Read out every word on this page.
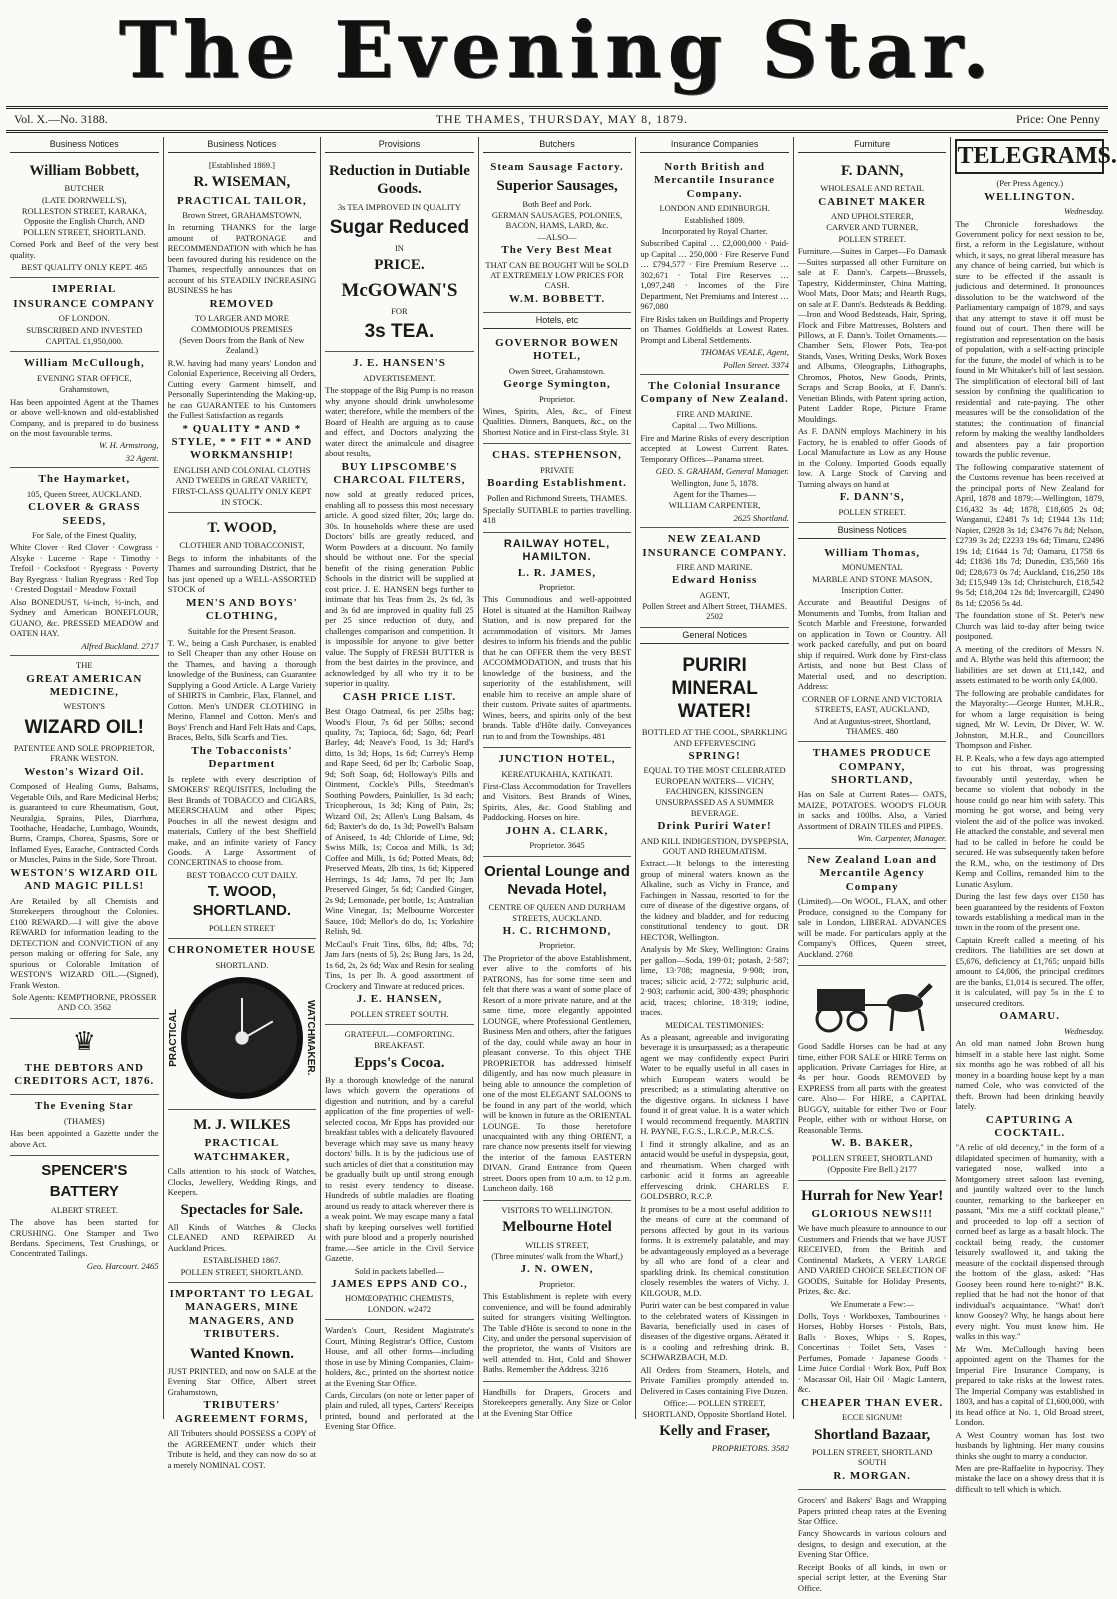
The Evening Star.
Vol. X.—No. 3188.	THE THAMES, THURSDAY, MAY 8, 1879.	Price: One Penny
Business Notices
William Bobbett,
BUTCHER
(LATE DORNWELL'S),
ROLLESTON STREET, KARAKA, Opposite the English Church, AND POLLEN STREET, SHORTLAND.

Corned Pork and Beef of the very best quality.

BEST QUALITY ONLY KEPT. 465
IMPERIAL
INSURANCE COMPANY
OF LONDON.
SUBSCRIBED AND INVESTED
CAPITAL £1,950,000.
William McCullough,
EVENING STAR OFFICE,
Grahamstown,

Has been appointed Agent at the Thames or above well-known and old-established Company, and is prepared to do business on the most favourable terms.

W. H. Armstrong,
32 Agent.
The Haymarket,
105, Queen Street, AUCKLAND.
CLOVER & GRASS SEEDS,
For Sale, of the Finest Quality,

White Clover · Red Clover · Cowgrass · Alsyke · Lucerne · Rape · Timothy · Trefoil · Cocksfoot · Ryegrass · Poverty Bay Ryegrass · Italian Ryegrass · Red Top · Crested Dogstail · Meadow Foxtail

Also BONEDUST, ¼-inch, ½-inch, and Sydney and American BONEFLOUR, GUANO, &c. PRESSED MEADOW and OATEN HAY.

Alfred Buckland. 2717
THE
GREAT AMERICAN MEDICINE,
WESTON'S
WIZARD OIL!
PATENTEE AND SOLE PROPRIETOR, FRANK WESTON.
Weston's Wizard Oil.

Composed of Healing Gums, Balsams, Vegetable Oils, and Rare Medicinal Herbs; is guaranteed to cure Rheumatism, Gout, Neuralgia, Sprains, Piles, Diarrhœa, Toothache, Headache, Lumbago, Wounds, Burns, Cramps, Chorea, Spasms, Sore or Inflamed Eyes, Earache, Contracted Cords or Muscles, Pains in the Side, Sore Throat.

WESTON'S WIZARD OIL AND MAGIC PILLS!

Are Retailed by all Chemists and Storekeepers throughout the Colonies. £100 REWARD.—I will give the above REWARD for information leading to the DETECTION and CONVICTION of any person making or offering for Sale, any spurious or Colorable Imitation of WESTON'S WIZARD OIL.—(Signed), Frank Weston.

Sole Agents: KEMPTHORNE, PROSSER AND CO. 3562
♛
THE DEBTORS AND CREDITORS ACT, 1876.
The Evening Star
(THAMES)

Has been appointed a Gazette under the above Act.

SPENCER'S
BATTERY
ALBERT STREET.

The above has been started for CRUSHING. One Stamper and Two Berdans. Specimens, Test Crushings, or Concentrated Tailings.

Geo. Harcourt. 2465
Business Notices
[Established 1869.]
R. WISEMAN,
PRACTICAL TAILOR,
Brown Street, GRAHAMSTOWN,

In returning THANKS for the large amount of PATRONAGE and RECOMMENDATION with which he has been favoured during his residence on the Thames, respectfully announces that on account of his STEADILY INCREASING BUSINESS he has

REMOVED
TO LARGER AND MORE COMMODIOUS PREMISES
(Seven Doors from the Bank of New Zealand.)

R.W. having had many years' London and Colonial Experience, Receiving all Orders, Cutting every Garment himself, and Personally Superintending the Making-up, he can GUARANTEE to his Customers the Fullest Satisfaction as regards

* QUALITY * AND * STYLE, * * FIT * * AND WORKMANSHIP!
ENGLISH AND COLONIAL CLOTHS AND TWEEDS in GREAT VARIETY,
FIRST-CLASS QUALITY ONLY KEPT IN STOCK.
T. WOOD,
CLOTHIER AND TOBACCONIST,

Begs to inform the inhabitants of the Thames and surrounding District, that he has just opened up a WELL-ASSORTED STOCK of

MEN'S AND BOYS' CLOTHING,
Suitable for the Present Season.

T. W., being a Cash Purchaser, is enabled to Sell Cheaper than any other House on the Thames, and having a thorough knowledge of the Business, can Guarantee Supplying a Good Article. A Large Variety of SHIRTS in Cambric, Flax, Flannel, and Cotton. Men's UNDER CLOTHING in Merino, Flannel and Cotton. Men's and Boys' French and Hard Felt Hats and Caps, Braces, Belts, Silk Scarfs and Ties.

The Tobacconists' Department

Is replete with every description of SMOKERS' REQUISITES, Including the Best Brands of TOBACCO and CIGARS, MEERSCHAUM and other Pipes; Pouches in all the newest designs and materials, Cutlery of the best Sheffield make, and an infinite variety of Fancy Goods. A Large Assortment of CONCERTINAS to choose from.

BEST TOBACCO CUT DAILY.
T. WOOD, SHORTLAND.
POLLEN STREET
CHRONOMETER HOUSE
SHORTLAND.
PRACTICAL	WATCHMAKER.
M. J. WILKES
PRACTICAL WATCHMAKER,

Calls attention to his stock of Watches, Clocks, Jewellery, Wedding Rings, and Keepers.

Spectacles for Sale.

All Kinds of Watches & Clocks CLEANED AND REPAIRED At Auckland Prices.

ESTABLISHED 1867.
POLLEN STREET, SHORTLAND.
IMPORTANT TO LEGAL MANAGERS, MINE MANAGERS, AND TRIBUTERS.
Wanted Known.

JUST PRINTED, and now on SALE at the Evening Star Office, Albert street Grahamstown,

TRIBUTERS' AGREEMENT FORMS,

All Tributers should POSSESS a COPY of the AGREEMENT under which their Tribute is held, and they can now do so at a merely NOMINAL COST.

Provisions
Reduction in Dutiable Goods.
3s TEA IMPROVED IN QUALITY
Sugar Reduced
IN
PRICE.
McGOWAN'S
FOR
3s TEA.
J. E. HANSEN'S
ADVERTISEMENT.

The stoppage of the Big Pump is no reason why anyone should drink unwholesome water; therefore, while the members of the Board of Health are arguing as to cause and effect, and Doctors analyzing the water direct the animalcule and disagree about results,

BUY LIPSCOMBE'S CHARCOAL FILTERS,

now sold at greatly reduced prices, enabling all to possess this most necessary article. A good sized filter, 20s; large do. 30s. In households where these are used Doctors' bills are greatly reduced, and Worm Powders at a discount. No family should be without one. For the special benefit of the rising generation Public Schools in the district will be supplied at cost price. J. E. HANSEN begs further to intimate that his Teas from 2s, 2s 6d, 3s and 3s 6d are improved in quality full 25 per 25 since reduction of duty, and challenges comparison and competition. It is impossible for anyone to give better value. The Supply of FRESH BUTTER is from the best dairies in the province, and acknowledged by all who try it to be superior in quality.

CASH PRICE LIST.

Best Otago Oatmeal, 6s per 25lbs bag; Wood's Flour, 7s 6d per 50lbs; second quality, 7s; Tapioca, 6d; Sago, 6d; Pearl Barley, 4d; Neave's Food, 1s 3d; Hard's ditto, 1s 3d; Hops, 1s 6d; Currey's Hemp and Rape Seed, 6d per lb; Carbolic Soap, 9d; Soft Soap, 6d; Holloway's Pills and Ointment, Cockle's Pills, Steedman's Soothing Powders, Painkiller, 1s 3d each; Tricopherous, 1s 3d; King of Pain, 2s; Wizard Oil, 2s; Allen's Lung Balsam, 4s 6d; Baxter's do do, 1s 3d; Powell's Balsam of Aniseed, 1s 4d; Chloride of Lime, 9d; Swiss Milk, 1s; Cocoa and Milk, 1s 3d; Coffee and Milk, 1s 6d; Potted Meats, 8d; Preserved Meats, 2lb tins, 1s 6d; Kippered Herrings, 1s 4d; Jams, 7d per lb; Jam Preserved Ginger, 5s 6d; Candied Ginger, 2s 9d; Lemonade, per bottle, 1s; Australian Wine Vinegar, 1s; Melbourne Worcester Sauce, 10d; Mellor's do do, 1s; Yorkshire Relish, 9d.

McCaul's Fruit Tins, 6lbs, 8d; 4lbs, 7d; Jam Jars (nests of 5), 2s; Bung Jars, 1s 2d, 1s 6d, 2s, 2s 6d; Wax and Resin for sealing Tins, 1s per lb. A good assortment of Crockery and Tinware at reduced prices.

J. E. HANSEN,
POLLEN STREET SOUTH.
GRATEFUL—COMFORTING.
BREAKFAST.
Epps's Cocoa.

By a thorough knowledge of the natural laws which govern the operations of digestion and nutrition, and by a careful application of the fine properties of well-selected cocoa, Mr Epps has provided our breakfast tables with a delicately flavoured beverage which may save us many heavy doctors' bills. It is by the judicious use of such articles of diet that a constitution may be gradually built up until strong enough to resist every tendency to disease. Hundreds of subtle maladies are floating around us ready to attack wherever there is a weak point. We may escape many a fatal shaft by keeping ourselves well fortified with pure blood and a properly nourished frame.—See article in the Civil Service Gazette.

Sold in packets labelled—
JAMES EPPS AND CO.,
HOMŒOPATHIC CHEMISTS, LONDON. w2472

Warden's Court, Resident Magistrate's Court, Mining Registrar's Office, Custom House, and all other forms—including those in use by Mining Companies, Claim-holders, &c., printed on the shortest notice at the Evening Star Office.

Cards, Circulars (on note or letter paper of plain and ruled, all types, Carters' Receipts printed, bound and perforated at the Evening Star Office.

Butchers
Steam Sausage Factory.
Superior Sausages,
Both Beef and Pork.
GERMAN SAUSAGES, POLONIES, BACON, HAMS, LARD, &c.
—ALSO—
The Very Best Meat
THAT CAN BE BOUGHT Will be SOLD AT EXTREMELY LOW PRICES FOR CASH.
W.M. BOBBETT.
Hotels, etc
GOVERNOR BOWEN HOTEL,
Owen Street, Grahamstown.
George Symington,
Proprietor.

Wines, Spirits, Ales, &c., of Finest Qualities. Dinners, Banquets, &c., on the Shortest Notice and in First-class Style. 31

CHAS. STEPHENSON,
PRIVATE
Boarding Establishment.
Pollen and Richmond Streets, THAMES.

Specially SUITABLE to parties travelling. 418

RAILWAY HOTEL, HAMILTON.
L. R. JAMES,
Proprietor.

This Commodious and well-appointed Hotel is situated at the Hamilton Railway Station, and is now prepared for the accommodation of visitors. Mr James desires to inform his friends and the public that he can OFFER them the very BEST ACCOMMODATION, and trusts that his knowledge of the business, and the superiority of the establishment, will enable him to receive an ample share of their custom. Private suites of apartments. Wines, beers, and spirits only of the best brands. Table d'Hôte daily. Conveyances run to and from the Townships. 481

JUNCTION HOTEL,
KEREATUKAHIA, KATIKATI.

First-Class Accommodation for Travellers and Visitors. Best Brands of Wines, Spirits, Ales, &c. Good Stabling and Paddocking. Horses on hire.

JOHN A. CLARK,
Proprietor. 3645
Oriental Lounge and Nevada Hotel,
CENTRE OF QUEEN AND DURHAM STREETS, AUCKLAND.
H. C. RICHMOND,
Proprietor.

The Proprietor of the above Establishment, ever alive to the comforts of his PATRONS, has for some time seen and felt that there was a want of some place of Resort of a more private nature, and at the same time, more elegantly appointed LOUNGE, where Professional Gentlemen, Business Men and others, after the fatigues of the day, could while away an hour in pleasant converse. To this object THE PROPRIETOR has addressed himself diligently, and has now much pleasure in being able to announce the completion of one of the most ELEGANT SALOONS to be found in any part of the world, which will be known in future as the ORIENTAL LOUNGE. To those heretofore unacquainted with any thing ORIENT, a rare chance now presents itself for viewing the interior of the famous EASTERN DIVAN. Grand Entrance from Queen street. Doors open from 10 a.m. to 12 p.m. Luncheon daily. 168

VISITORS TO WELLINGTON.
Melbourne Hotel
WILLIS STREET,
(Three minutes' walk from the Wharf,)
J. N. OWEN,
Proprietor.

This Establishment is replete with every convenience, and will be found admirably suited for strangers visiting Wellington. The Table d'Hôte is second to none in the City, and under the personal supervision of the proprietor, the wants of Visitors are well attended to. Hot, Cold and Shower Baths. Remember the Address. 3216

Handbills for Drapers, Grocers and Storekeepers generally. Any Size or Color at the Evening Star Office

Insurance Companies
North British and Mercantile Insurance Company.
LONDON AND EDINBURGH.
Established 1809.
Incorporated by Royal Charter.

Subscribed Capital … £2,000,000 · Paid-up Capital … 250,000 · Fire Reserve Fund … £794,577 · Fire Premium Reserve … 302,671 · Total Fire Reserves … 1,097,248 · Incomes of the Fire Department, Net Premiums and Interest … 967,080

Fire Risks taken on Buildings and Property on Thames Goldfields at Lowest Rates. Prompt and Liberal Settlements.

THOMAS VEALE, Agent,
Pollen Street. 3374
The Colonial Insurance Company of New Zealand.
FIRE AND MARINE.
Capital … Two Millions.

Fire and Marine Risks of every description accepted at Lowest Current Rates. Temporary Offices—Panama street.

GEO. S. GRAHAM, General Manager.
Wellington, June 5, 1878.
Agent for the Thames—
WILLIAM CARPENTER,
2625 Shortland.
NEW ZEALAND INSURANCE COMPANY.
FIRE AND MARINE.
Edward Honiss
AGENT,
Pollen Street and Albert Street, THAMES. 2502
General Notices
PURIRI MINERAL WATER!
BOTTLED AT THE COOL, SPARKLING AND EFFERVESCING
SPRING!
EQUAL TO THE MOST CELEBRATED EUROPEAN WATERS— VICHY, FACHINGEN, KISSINGEN
UNSURPASSED AS A SUMMER BEVERAGE.
Drink Puriri Water!
AND KILL INDIGESTION, DYSPEPSIA, GOUT AND RHEUMATISM.

Extract.—It belongs to the interesting group of mineral waters known as the Alkaline, such as Vichy in France, and Fachingen in Nassau, resorted to for the cure of disease of the digestive organs, of the kidney and bladder, and for reducing constitutional tendency to gout. DR HECTOR, Wellington.

Analysis by Mr Skey, Wellington: Grains per gallon—Soda, 199·01; potash, 2·587; lime, 13·708; magnesia, 9·908; iron, traces; silicic acid, 2·772; sulphuric acid, 2·903; carbonic acid, 300·439; phosphoric acid, traces; chlorine, 18·319; iodine, traces.

MEDICAL TESTIMONIES:

As a pleasant, agreeable and invigorating beverage it is unsurpassed; as a therapeutic agent we may confidently expect Puriri Water to be equally useful in all cases in which European waters would be prescribed; as a stimulating alterative on the digestive organs. In sickness I have found it of great value. It is a water which I would recommend frequently. MARTIN H. PAYNE, F.G.S., L.R.C.P., M.R.C.S.

I find it strongly alkaline, and as an antacid would be useful in dyspepsia, gout, and rheumatism. When charged with carbonic acid it forms an agreeable effervescing drink. CHARLES F. GOLDSBRO, R.C.P.

It promises to be a most useful addition to the means of cure at the command of persons affected by gout in its various forms. It is extremely palatable, and may be advantageously employed as a beverage by all who are fond of a clear and sparkling drink. Its chemical constitution closely resembles the waters of Vichy. J. KILGOUR, M.D.

Puriri water can be best compared in value to the celebrated waters of Kissingen in Bavaria, beneficially used in cases of diseases of the digestive organs. Aërated it is a cooling and refreshing drink. B. SCHWARZBACH, M.D.

All Orders from Steamers, Hotels, and Private Families promptly attended to. Delivered in Cases containing Five Dozen.

Office:— POLLEN STREET, SHORTLAND, Opposite Shortland Hotel.
Kelly and Fraser,
PROPRIETORS. 3582
Furniture
F. DANN,
WHOLESALE AND RETAIL
CABINET MAKER
AND UPHOLSTERER,
CARVER AND TURNER,
POLLEN STREET.

Furniture.—Suites in Carpet—Fo Damask—Suites surpassed all other Furniture on sale at F. Dann's. Carpets—Brussels, Tapestry, Kidderminster, China Matting, Wool Mats, Door Mats; and Hearth Rugs, on sale at F. Dann's. Bedsteads & Bedding.—Iron and Wood Bedsteads, Hair, Spring, Flock and Fibre Mattresses, Bolsters and Pillows, at F. Dann's. Toilet Ornaments.—Chamber Sets, Flower Pots, Tea-pot Stands, Vases, Writing Desks, Work Boxes and Albums, Oleographs, Lithographs, Chromos, Photos, New Goods, Prints, Scraps and Scrap Books, at F. Dann's. Venetian Blinds, with Patent spring action, Patent Ladder Rope, Picture Frame Mouldings.

As F. DANN employs Machinery in his Factory, he is enabled to offer Goods of Local Manufacture as Low as any House in the Colony. Imported Goods equally low. A Large Stock of Carving and Turning always on hand at

F. DANN'S,
POLLEN STREET.
Business Notices
William Thomas,
MONUMENTAL
MARBLE AND STONE MASON,
Inscription Cutter.

Accurate and Beautiful Designs of Monuments and Tombs, from Italian and Scotch Marble and Freestone, forwarded on application in Town or Country. All work packed carefully, and put on board ship if required. Work done by First-class Artists, and none but Best Class of Material used, and no description. Address:

CORNER OF LORNE AND VICTORIA STREETS, EAST, AUCKLAND,
And at Augustus-street, Shortland, THAMES. 480
THAMES PRODUCE COMPANY, SHORTLAND,

Has on Sale at Current Rates— OATS, MAIZE, POTATOES. WOOD'S FLOUR in sacks and 100lbs. Also, a Varied Assortment of DRAIN TILES and PIPES.

Wm. Carpenter, Manager.
New Zealand Loan and Mercantile Agency Company

(Limited).—On WOOL, FLAX, and other Produce, consigned to the Company for sale in London, LIBERAL ADVANCES will be made. For particulars apply at the Company's Offices, Queen street, Auckland. 2768

Good Saddle Horses can be had at any time, either FOR SALE or HIRE Terms on application. Private Carriages for Hire, at 4s per hour. Goods REMOVED by EXPRESS from all parts with the greatest care. Also— For HIRE, a CAPITAL BUGGY, suitable for either Two or Four People, either with or without Horse, on Reasonable Terms.

W. B. BAKER,
POLLEN STREET, SHORTLAND
(Opposite Fire Bell.) 2177
Hurrah for New Year!
GLORIOUS NEWS!!!

We have much pleasure to announce to our Customers and Friends that we have JUST RECEIVED, from the British and Continental Markets, A VERY LARGE AND VARIED CHOICE SELECTION OF GOODS, Suitable for Holiday Presents, Prizes, &c. &c.

We Enumerate a Few:—

Dolls, Toys · Workboxes, Tambourines · Horses, Hobby Horses · Pistols, Bats, Balls · Boxes, Whips · S. Ropes, Concertinas · Toilet Sets, Vases · Perfumes, Pomade · Japanese Goods · Lime Juice Cordial · Work Box, Puff Box · Macassar Oil, Hair Oil · Magic Lantern, &c.

CHEAPER THAN EVER.
ECCE SIGNUM!
Shortland Bazaar,
POLLEN STREET, SHORTLAND SOUTH
R. MORGAN.

Grocers' and Bakers' Bags and Wrapping Papers printed cheap rates at the Evening Star Office.

Fancy Showcards in various colours and designs, to design and execution, at the Evening Star Office.

Receipt Books of all kinds, in own or special script letter, at the Evening Star Office.

TELEGRAMS.
(Per Press Agency.)
WELLINGTON.
Wednesday.

The Chronicle foreshadows the Government policy for next session to be, first, a reform in the Legislature, without which, it says, no great liberal measure has any chance of being carried, but which is sure to be effected if the assault is judicious and determined. It pronounces dissolution to be the watchword of the Parliamentary campaign of 1879, and says that any attempt to stave it off must be found out of court. Then there will be registration and representation on the basis of population, with a self-acting principle for the future, the model of which is to be found in Mr Whitaker's bill of last session. The simplification of electoral bill of last session by confining the qualification to residential and rate-paying. The other measures will be the consolidation of the statutes; the continuation of financial reform by making the wealthy landholders and absentees pay a fair proportion towards the public revenue.

The following comparative statement of the Customs revenue has been received at the principal ports of New Zealand for April, 1878 and 1879:—Wellington, 1879, £16,432 3s 4d; 1878, £18,605 2s 0d; Wanganui, £2481 7s 1d; £1944 13s 11d; Napier, £2928 3s 1d; £3476 7s 8d; Nelson, £2739 3s 2d; £2233 19s 6d; Timaru, £2496 19s 1d; £1644 1s 7d; Oamaru, £1758 6s 4d; £1836 18s 7d; Dunedin, £35,560 16s 0d; £28,673 0s 7d; Auckland, £16,250 18s 3d; £15,949 13s 1d; Christchurch, £18,542 9s 5d; £18,204 12s 8d; Invercargill, £2490 8s 1d; £2056 5s 4d.

The foundation stone of St. Peter's new Church was laid to-day after being twice postponed.

A meeting of the creditors of Messrs N. and A. Blythe was held this afternoon; the liabilities are set down at £11,142, and assets estimated to be worth only £4,000.

The following are probable candidates for the Mayoralty:—George Hunter, M.H.R., for whom a large requisition is being signed, Mr W. Levin, Dr Diver, W. W. Johnston, M.H.R., and Councillors Thompson and Fisher.

H. P. Keals, who a few days ago attempted to cut his throat, was progressing favourably until yesterday, when he became so violent that nobody in the house could go near him with safety. This morning he got worse, and being very violent the aid of the police was invoked. He attacked the constable, and several men had to be called in before he could be secured. He was subsequently taken before the R.M., who, on the testimony of Drs Kemp and Collins, remanded him to the Lunatic Asylum.

During the last few days over £150 has been guaranteed by the residents of Foxton towards establishing a medical man in the town in the room of the present one.

Captain Kreeft called a meeting of his creditors. The liabilities are set down at £5,676, deficiency at £1,765; unpaid bills amount to £4,006, the principal creditors are the banks, £1,014 is secured. The offer, it is calculated, will pay 5s in the £ to unsecured creditors.

OAMARU.
Wednesday.

An old man named John Brown hung himself in a stable here last night. Some six months ago he was robbed of all his money in a boarding house kept by a man named Cole, who was convicted of the theft. Brown had been drinking heavily lately.

CAPTURING A COCKTAIL.

"A relic of old decency," in the form of a dilapidated specimen of humanity, with a variegated nose, walked into a Montgomery street saloon last evening, and jauntily waltzed over to the lunch counter, remarking to the barkeeper en passant, "Mix me a stiff cocktail please," and proceeded to lop off a section of corned beef as large as a basalt block. The cocktail being ready, the customer leisurely swallowed it, and taking the measure of the cocktail dispensed through the bottom of the glass, asked: "Has Goosey been round here to-night?" B.K. replied that he had not the honor of that individual's acquaintance. "What! don't know Goosey? Why, he hangs about here every night. You must know him. He walks in this way."

Mr Wm. McCullough having been appointed agent on the Thames for the Imperial Fire Insurance Company, is prepared to take risks at the lowest rates. The Imperial Company was established in 1803, and has a capital of £1,600,000, with its head office at No. 1, Old Broad street, London.

A West Country woman has lost two husbands by lightning. Her many cousins thinks she ought to marry a conductor.

Men are pre-Raffaelite in hypocrisy. They mistake the lace on a showy dress that it is difficult to tell which is which.
